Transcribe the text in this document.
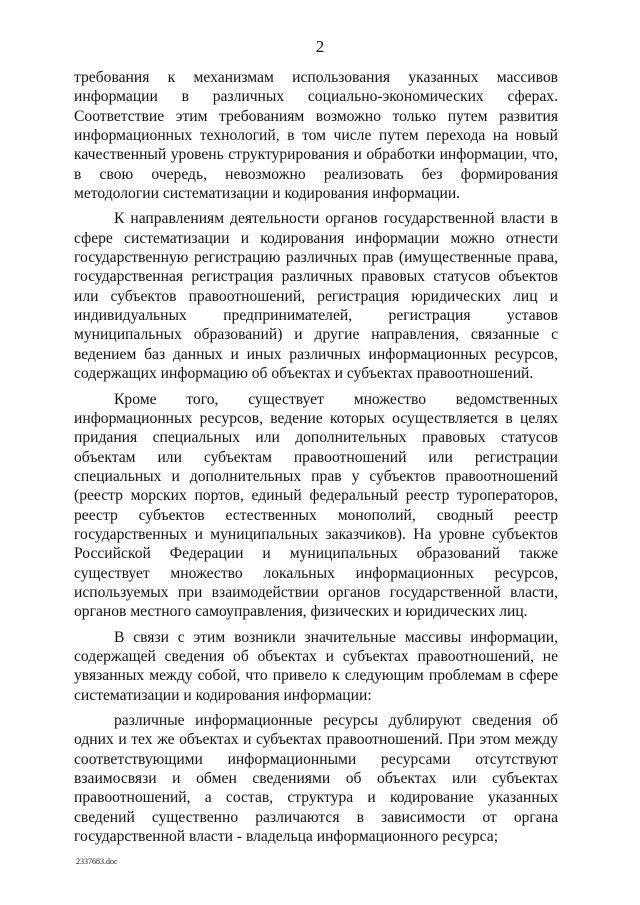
2

требования к механизмам использования указанных массивов информации в различных социально-экономических сферах. Соответствие этим требованиям возможно только путем развития информационных технологий, в том числе путем перехода на новый качественный уровень структурирования и обработки информации, что, в свою очередь, невозможно реализовать без формирования методологии систематизации и кодирования информации.

К направлениям деятельности органов государственной власти в сфере систематизации и кодирования информации можно отнести государственную регистрацию различных прав (имущественные права, государственная регистрация различных правовых статусов объектов или субъектов правоотношений, регистрация юридических лиц и индивидуальных предпринимателей, регистрация уставов муниципальных образований) и другие направления, связанные с ведением баз данных и иных различных информационных ресурсов, содержащих информацию об объектах и субъектах правоотношений.

Кроме того, существует множество ведомственных информационных ресурсов, ведение которых осуществляется в целях придания специальных или дополнительных правовых статусов объектам или субъектам правоотношений или регистрации специальных и дополнительных прав у субъектов правоотношений (реестр морских портов, единый федеральный реестр туроператоров, реестр субъектов естественных монополий, сводный реестр государственных и муниципальных заказчиков). На уровне субъектов Российской Федерации и муниципальных образований также существует множество локальных информационных ресурсов, используемых при взаимодействии органов государственной власти, органов местного самоуправления, физических и юридических лиц.

В связи с этим возникли значительные массивы информации, содержащей сведения об объектах и субъектах правоотношений, не увязанных между собой, что привело к следующим проблемам в сфере систематизации и кодирования информации:

различные информационные ресурсы дублируют сведения об одних и тех же объектах и субъектах правоотношений. При этом между соответствующими информационными ресурсами отсутствуют взаимосвязи и обмен сведениями об объектах или субъектах правоотношений, а состав, структура и кодирование указанных сведений существенно различаются в зависимости от органа государственной власти - владельца информационного ресурса;

2337683.doc
